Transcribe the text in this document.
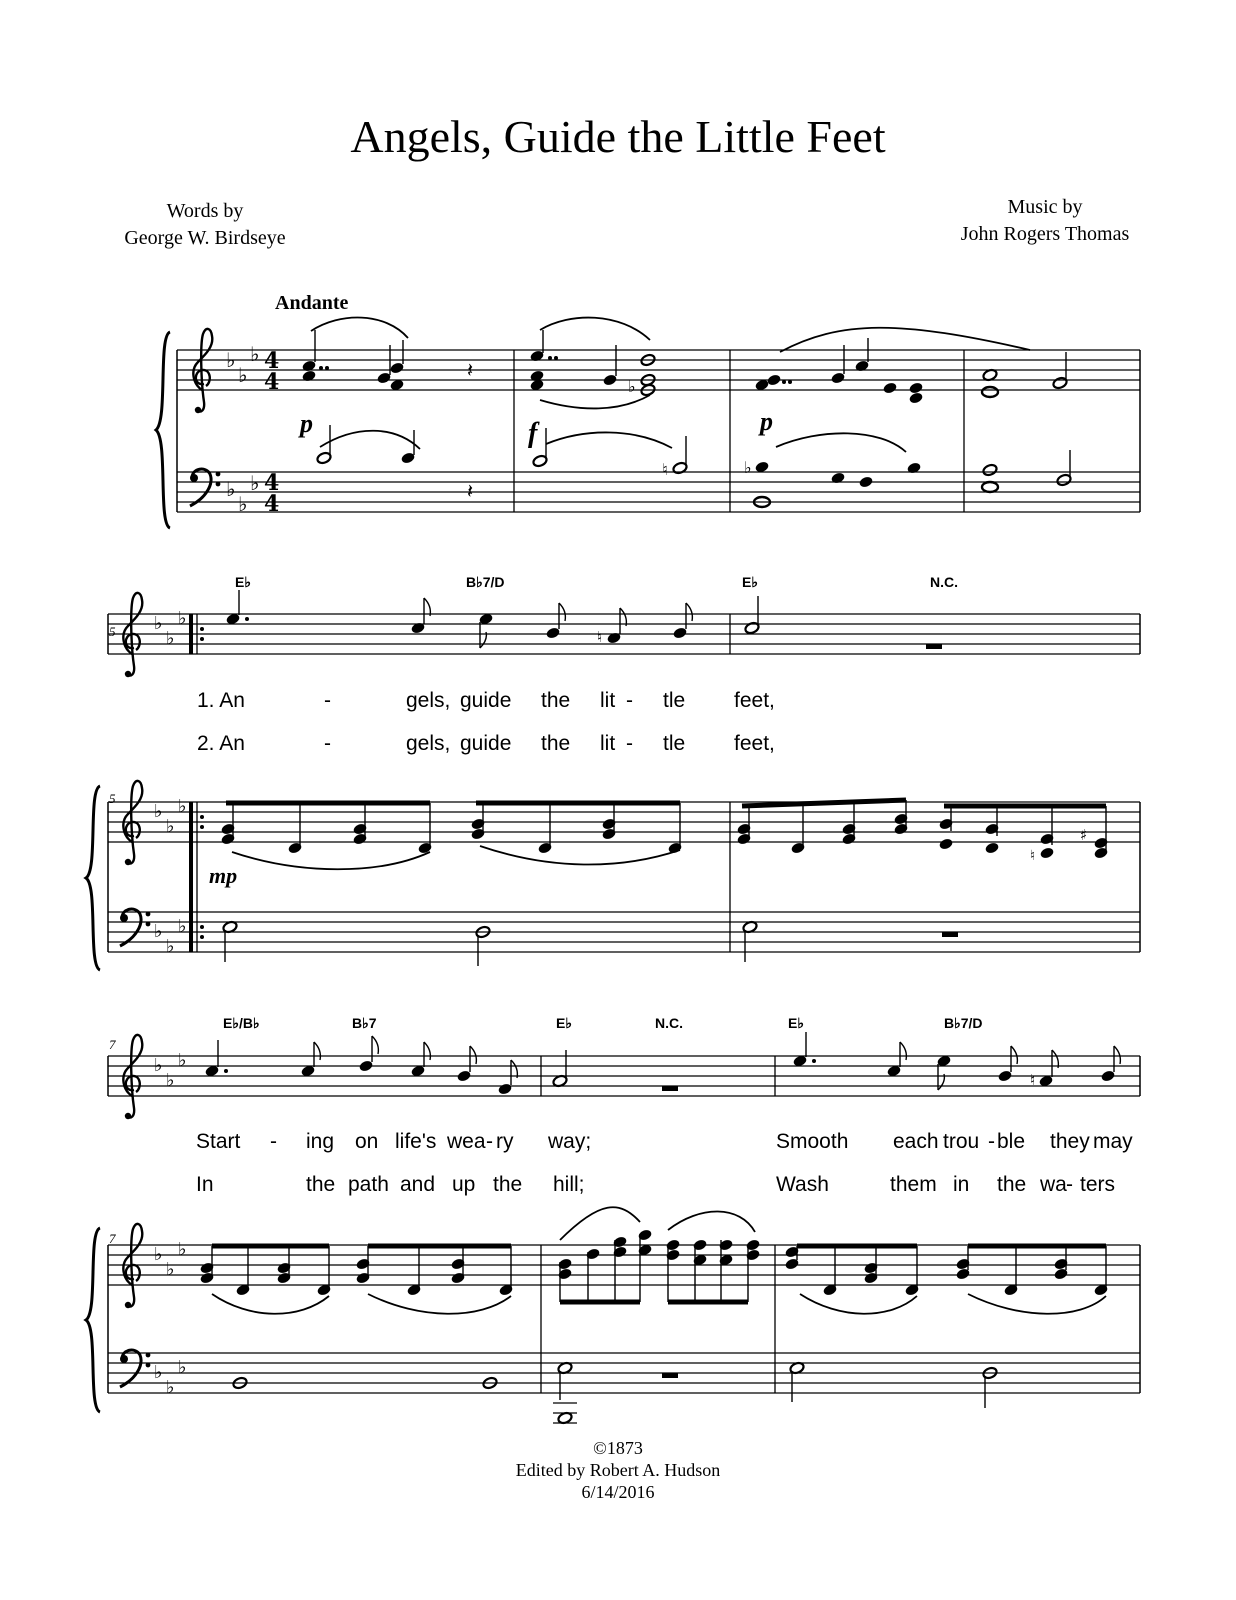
Angels, Guide the Little Feet
Words by
George W. Birdseye
Music by
John Rogers Thomas
Andante
♭
♭
♭
♭
♭
♭
4
4
4
4
𝄽
p
𝄽
♭
f
♮
p
♭
5
E♭	B♭7/D	E♭	N.C.
♭
♭
♭
♮
1. An	-	gels, guide the lit - tle feet,
2. An	-	gels, guide the lit - tle feet,
5
♭
♭
♭
♭
♭
♭
♯
♮
mp
7
E♭/B♭	B♭7	E♭	N.C.	E♭	B♭7/D
♭
♭
♭
♮
Start - ing on life's wea - ry way;	Smooth each trou - ble they may
In	the path and up the hill;	Wash	them in the wa - ters
7
♭
♭
♭
♭
♭
♭
©1873
Edited by Robert A. Hudson
6/14/2016
